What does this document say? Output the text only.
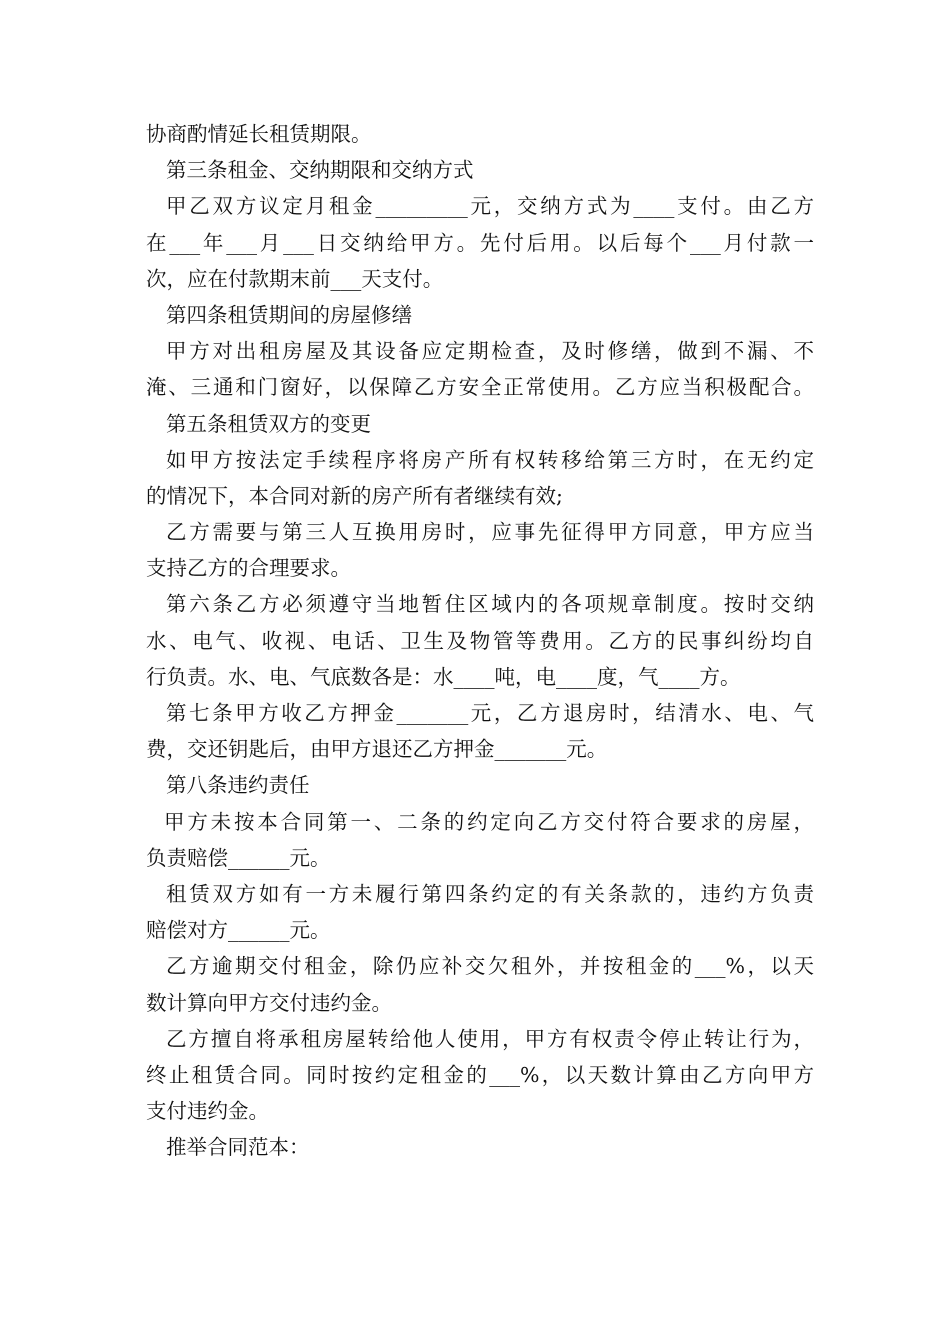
协商酌情延长租赁期限。
第三条租金、交纳期限和交纳方式
甲乙双方议定月租金_________元，交纳方式为____支付。由乙方
在___年___月___日交纳给甲方。先付后用。以后每个___月付款一
次，应在付款期末前___天支付。
第四条租赁期间的房屋修缮
甲方对出租房屋及其设备应定期检查，及时修缮，做到不漏、不
淹、三通和门窗好，以保障乙方安全正常使用。乙方应当积极配合。
第五条租赁双方的变更
如甲方按法定手续程序将房产所有权转移给第三方时，在无约定
的情况下，本合同对新的房产所有者继续有效;
乙方需要与第三人互换用房时，应事先征得甲方同意，甲方应当
支持乙方的合理要求。
第六条乙方必须遵守当地暂住区域内的各项规章制度。按时交纳
水、电气、收视、电话、卫生及物管等费用。乙方的民事纠纷均自
行负责。水、电、气底数各是：水____吨，电____度，气____方。
第七条甲方收乙方押金_______元，乙方退房时，结清水、电、气
费，交还钥匙后，由甲方退还乙方押金_______元。
第八条违约责任
甲方未按本合同第一、二条的约定向乙方交付符合要求的房屋，
负责赔偿______元。
租赁双方如有一方未履行第四条约定的有关条款的，违约方负责
赔偿对方______元。
乙方逾期交付租金，除仍应补交欠租外，并按租金的___%，以天
数计算向甲方交付违约金。
乙方擅自将承租房屋转给他人使用，甲方有权责令停止转让行为，
终止租赁合同。同时按约定租金的___%，以天数计算由乙方向甲方
支付违约金。
推举合同范本：
